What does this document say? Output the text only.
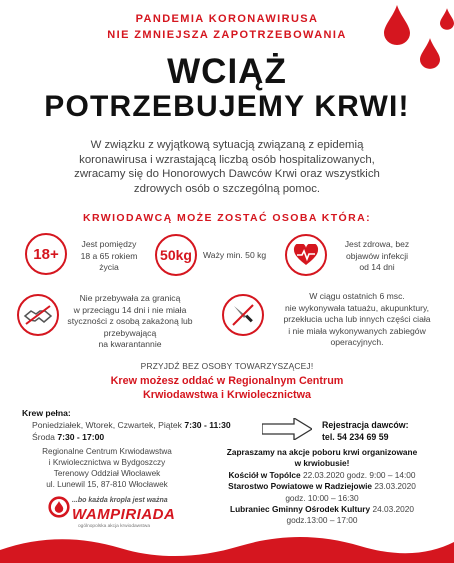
PANDEMIA KORONAWIRUSA
NIE ZMNIEJSZA ZAPOTRZEBOWANIA
WCIĄŻ
POTRZEBUJEMY KRWI!
W związku z wyjątkową sytuacją związaną z epidemią
koronawirusa i wzrastającą liczbą osób hospitalizowanych,
zwracamy się do Honorowych Dawców Krwi oraz wszystkich
zdrowych osób o szczególną pomoc.
KRWIODAWCĄ MOŻE ZOSTAĆ OSOBA KTÓRA:
18+
Jest pomiędzy
18 a 65 rokiem
życia
50kg Waży min. 50 kg
Jest zdrowa, bez
objawów infekcji
od 14 dni
Nie przebywała za granicą
w przeciągu 14 dni i nie miała
styczności z osobą zakażoną lub
przebywającą
na kwarantannie
W ciągu ostatnich 6 msc.
nie wykonywała tatuażu, akupunktury,
przekłucia ucha lub innych części ciała
i nie miała wykonywanych zabiegów
operacyjnych.
PRZYJDŹ BEZ OSOBY TOWARZYSZĄCEJ!
Krew możesz oddać w Regionalnym Centrum
Krwiodawstwa i Krwiolecznictwa
Krew pełna:
Poniedziałek, Wtorek, Czwartek, Piątek 7:30 - 11:30
Środa 7:30 - 17:00
Rejestracja dawców:
tel. 54 234 69 59
Regionalne Centrum Krwiodawstwa
i Krwiolecznictwa w Bydgoszczy
Terenowy Oddział Włocławek
ul. Lunewil 15, 87-810 Włocławek
...bo każda kropla jest ważna
WAMPIRIADA
ogólnopolska akcja krwiodawstwa
Zapraszamy na akcje poboru krwi organizowane
w krwiobusie!
Kościół w Topólce 22.03.2020 godz. 9:00 – 14:00
Starostwo Powiatowe w Radziejowie 23.03.2020
godz. 10:00 – 16:30
Lubraniec Gminny Ośrodek Kultury 24.03.2020
godz.13:00 – 17:00
